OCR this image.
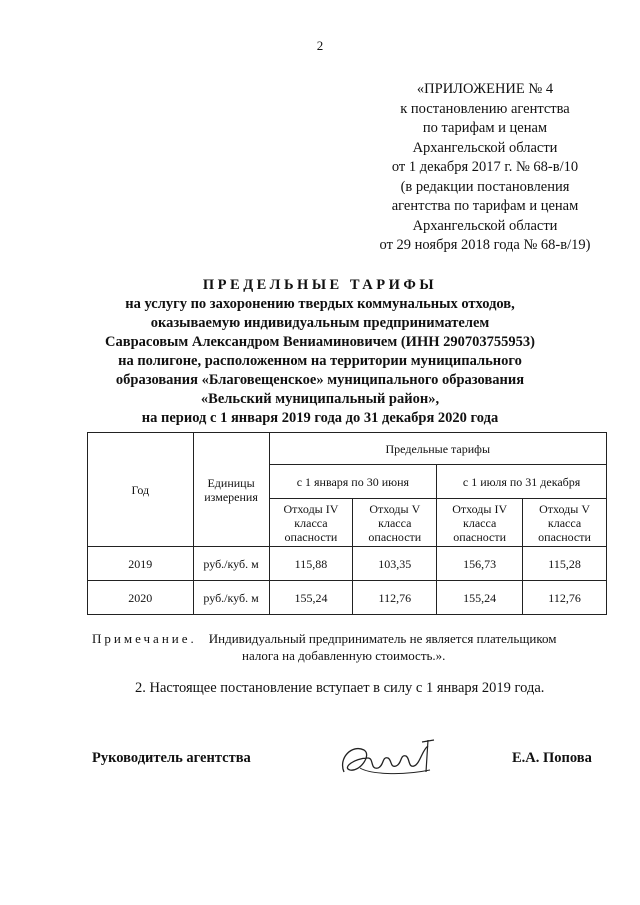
2
«ПРИЛОЖЕНИЕ № 4
к постановлению агентства
по тарифам и ценам
Архангельской области
от 1 декабря 2017 г. № 68-в/10
(в редакции постановления
агентства по тарифам и ценам
Архангельской области
от 29 ноября 2018 года № 68-в/19)
ПРЕДЕЛЬНЫЕ ТАРИФЫ
на услугу по захоронению твердых коммунальных отходов,
оказываемую индивидуальным предпринимателем
Саврасовым Александром Вениаминовичем (ИНН 290703755953)
на полигоне, расположенном на территории муниципального
образования «Благовещенское» муниципального образования
«Вельский муниципальный район»,
на период с 1 января 2019 года до 31 декабря 2020 года
Год	Единицы измерения	Предельные тарифы			
		с 1 января по 30 июня		с 1 июля по 31 декабря	
		Отходы IV класса опасности	Отходы V класса опасности	Отходы IV класса опасности	Отходы V класса опасности
2019	руб./куб. м	115,88	103,35	156,73	115,28
2020	руб./куб. м	155,24	112,76	155,24	112,76
Примечание. Индивидуальный предприниматель не является плательщиком
налога на добавленную стоимость.».
2. Настоящее постановление вступает в силу с 1 января 2019 года.
Руководитель агентства	Е.А. Попова
